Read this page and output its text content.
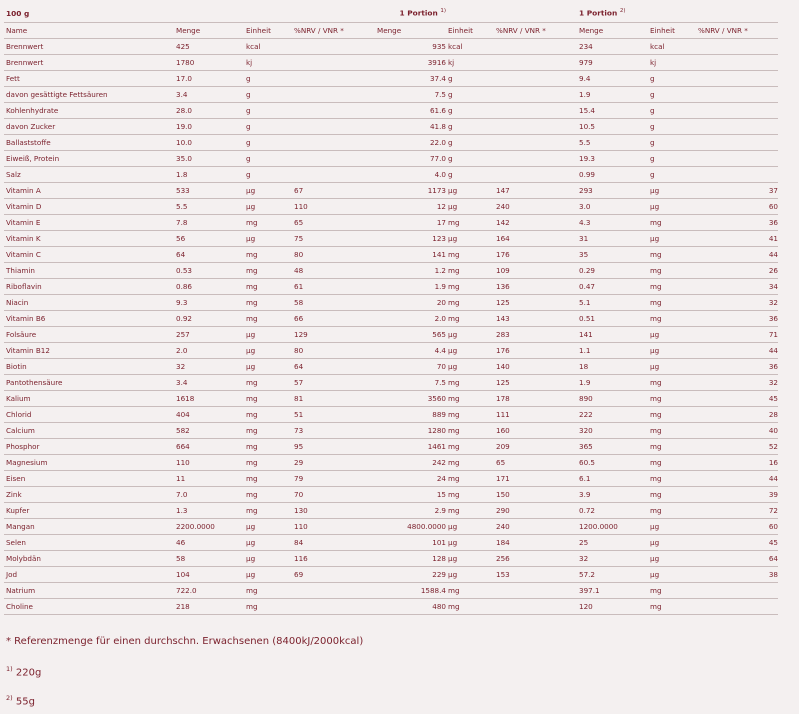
100 g				1 Portion $^{1)}$			1 Portion $^{2)}$		
Name	Menge	Einheit	%NRV / VNR *	Menge	Einheit	%NRV / VNR *	Menge	Einheit	%NRV / VNR *
Brennwert	425	kcal		935	kcal		234	kcal	
Brennwert	1780	kj		3916	kj		979	kj	
Fett	17.0	g		37.4	g		9.4	g	
davon gesättigte Fettsäuren	3.4	g		7.5	g		1.9	g	
Kohlenhydrate	28.0	g		61.6	g		15.4	g	
davon Zucker	19.0	g		41.8	g		10.5	g	
Ballaststoffe	10.0	g		22.0	g		5.5	g	
Eiweiß, Protein	35.0	g		77.0	g		19.3	g	
Salz	1.8	g		4.0	g		0.99	g	
Vitamin A	533	µg	67	1173	µg	147	293	µg	37
Vitamin D	5.5	µg	110	12	µg	240	3.0	µg	60
Vitamin E	7.8	mg	65	17	mg	142	4.3	mg	36
Vitamin K	56	µg	75	123	µg	164	31	µg	41
Vitamin C	64	mg	80	141	mg	176	35	mg	44
Thiamin	0.53	mg	48	1.2	mg	109	0.29	mg	26
Riboflavin	0.86	mg	61	1.9	mg	136	0.47	mg	34
Niacin	9.3	mg	58	20	mg	125	5.1	mg	32
Vitamin B6	0.92	mg	66	2.0	mg	143	0.51	mg	36
Folsäure	257	µg	129	565	µg	283	141	µg	71
Vitamin B12	2.0	µg	80	4.4	µg	176	1.1	µg	44
Biotin	32	µg	64	70	µg	140	18	µg	36
Pantothensäure	3.4	mg	57	7.5	mg	125	1.9	mg	32
Kalium	1618	mg	81	3560	mg	178	890	mg	45
Chlorid	404	mg	51	889	mg	111	222	mg	28
Calcium	582	mg	73	1280	mg	160	320	mg	40
Phosphor	664	mg	95	1461	mg	209	365	mg	52
Magnesium	110	mg	29	242	mg	65	60.5	mg	16
Eisen	11	mg	79	24	mg	171	6.1	mg	44
Zink	7.0	mg	70	15	mg	150	3.9	mg	39
Kupfer	1.3	mg	130	2.9	mg	290	0.72	mg	72
Mangan	2200.0000	µg	110	4800.0000	µg	240	1200.0000	µg	60
Selen	46	µg	84	101	µg	184	25	µg	45
Molybdän	58	µg	116	128	µg	256	32	µg	64
Jod	104	µg	69	229	µg	153	57.2	µg	38
Natrium	722.0	mg		1588.4	mg		397.1	mg	
Choline	218	mg		480	mg		120	mg	
* Referenzmenge für einen durchschn. Erwachsenen (8400kJ/2000kcal)
$^{1)}$ 220g
$^{2)}$ 55g
